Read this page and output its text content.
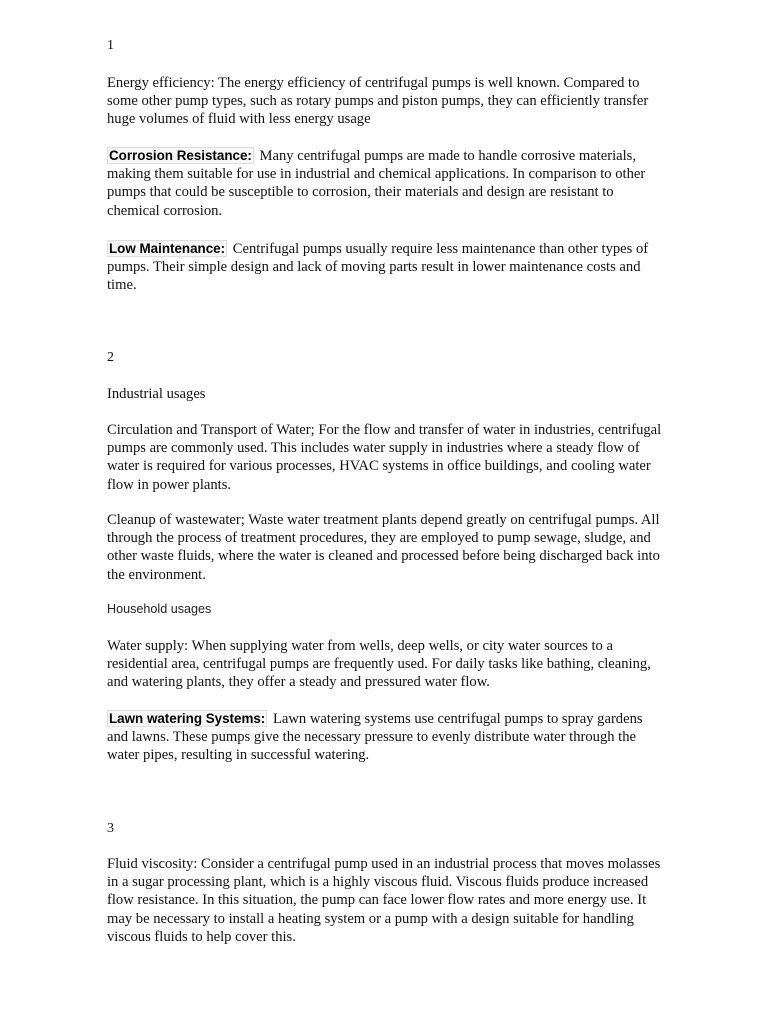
1

Energy efficiency: The energy efficiency of centrifugal pumps is well known. Compared to some other pump types, such as rotary pumps and piston pumps, they can efficiently transfer huge volumes of fluid with less energy usage

Corrosion Resistance: Many centrifugal pumps are made to handle corrosive materials, making them suitable for use in industrial and chemical applications. In comparison to other pumps that could be susceptible to corrosion, their materials and design are resistant to chemical corrosion.

Low Maintenance: Centrifugal pumps usually require less maintenance than other types of pumps. Their simple design and lack of moving parts result in lower maintenance costs and time.

2

Industrial usages

Circulation and Transport of Water; For the flow and transfer of water in industries, centrifugal pumps are commonly used. This includes water supply in industries where a steady flow of water is required for various processes, HVAC systems in office buildings, and cooling water flow in power plants.

Cleanup of wastewater; Waste water treatment plants depend greatly on centrifugal pumps. All through the process of treatment procedures, they are employed to pump sewage, sludge, and other waste fluids, where the water is cleaned and processed before being discharged back into the environment.

Household usages

Water supply: When supplying water from wells, deep wells, or city water sources to a residential area, centrifugal pumps are frequently used. For daily tasks like bathing, cleaning, and watering plants, they offer a steady and pressured water flow.

Lawn watering Systems: Lawn watering systems use centrifugal pumps to spray gardens and lawns. These pumps give the necessary pressure to evenly distribute water through the water pipes, resulting in successful watering.

3

Fluid viscosity: Consider a centrifugal pump used in an industrial process that moves molasses in a sugar processing plant, which is a highly viscous fluid. Viscous fluids produce increased flow resistance. In this situation, the pump can face lower flow rates and more energy use. It may be necessary to install a heating system or a pump with a design suitable for handling viscous fluids to help cover this.
